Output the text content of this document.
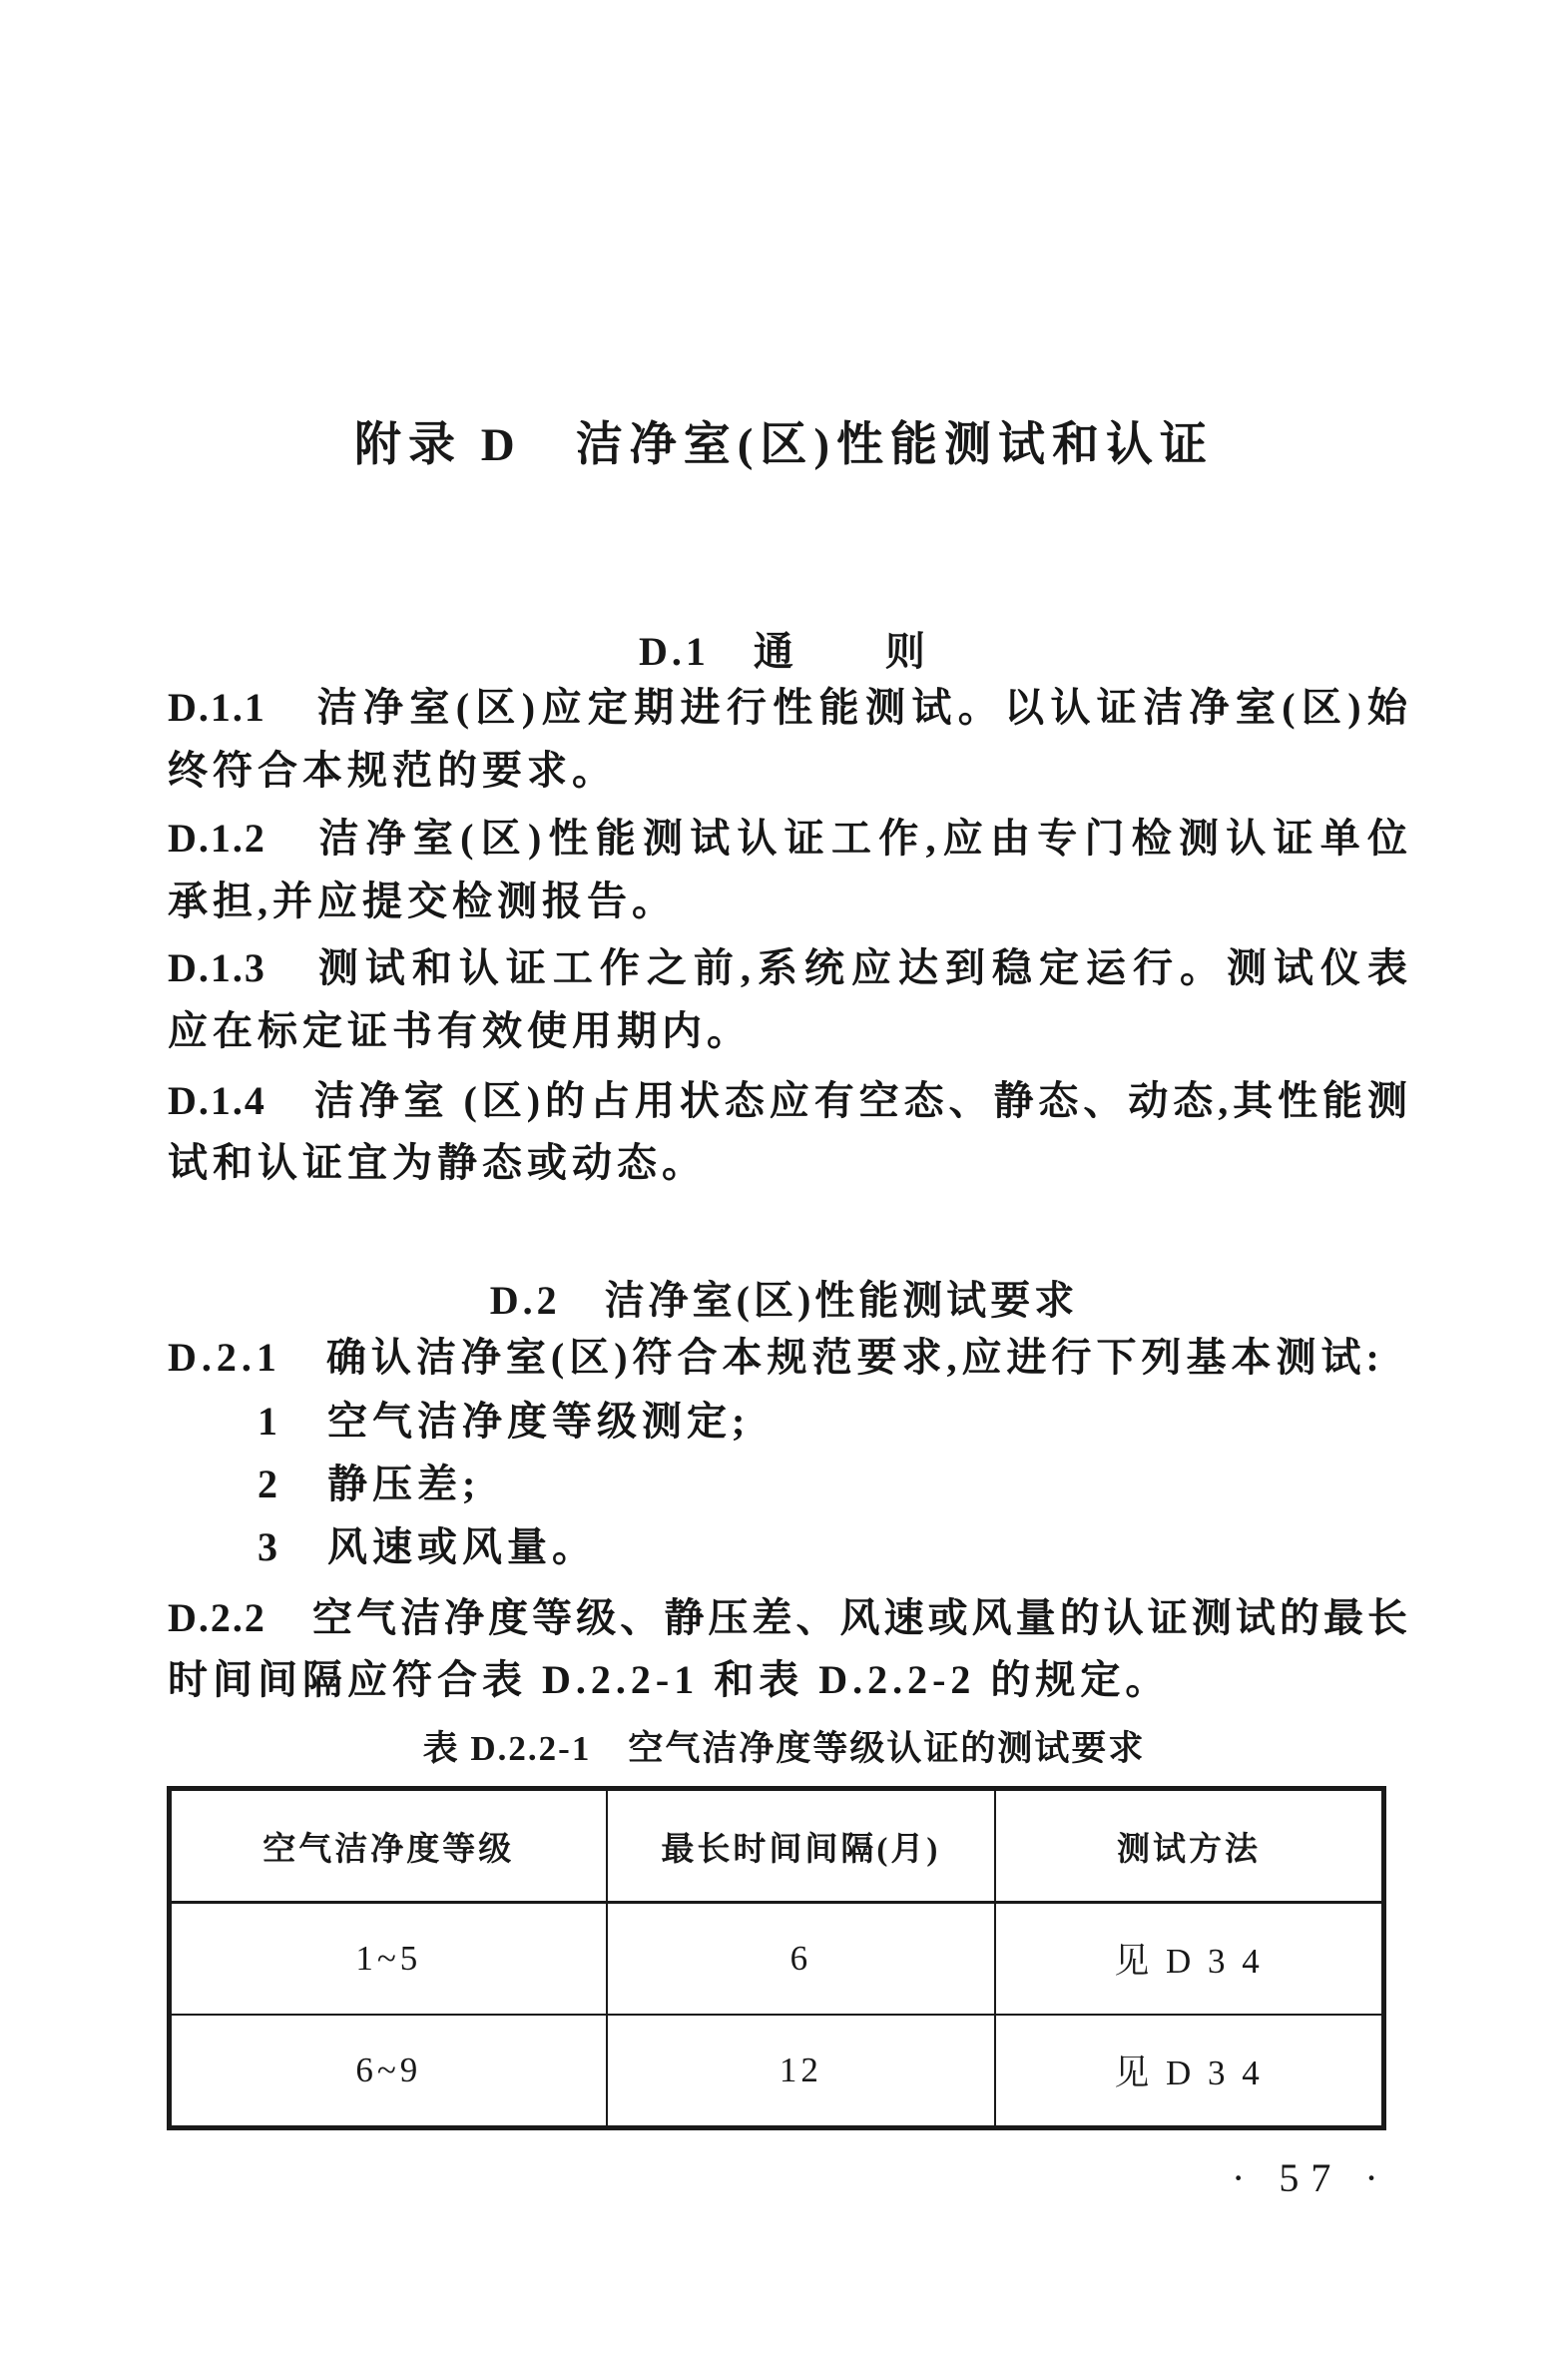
附录 D　洁净室(区)性能测试和认证
D.1　通　　则
D.1.1　洁净室(区)应定期进行性能测试。以认证洁净室(区)始
终符合本规范的要求。
D.1.2　洁净室(区)性能测试认证工作,应由专门检测认证单位
承担,并应提交检测报告。
D.1.3　测试和认证工作之前,系统应达到稳定运行。测试仪表
应在标定证书有效使用期内。
D.1.4　洁净室 (区)的占用状态应有空态、静态、动态,其性能测
试和认证宜为静态或动态。
D.2　洁净室(区)性能测试要求
D.2.1　确认洁净室(区)符合本规范要求,应进行下列基本测试:
1　空气洁净度等级测定;
2　静压差;
3　风速或风量。
D.2.2　空气洁净度等级、静压差、风速或风量的认证测试的最长
时间间隔应符合表 D.2.2-1 和表 D.2.2-2 的规定。
表 D.2.2-1　空气洁净度等级认证的测试要求
空气洁净度等级	最长时间间隔(月)	测试方法
1~5	6	见 D 3 4
6~9	12	见 D 3 4
· 57 ·
